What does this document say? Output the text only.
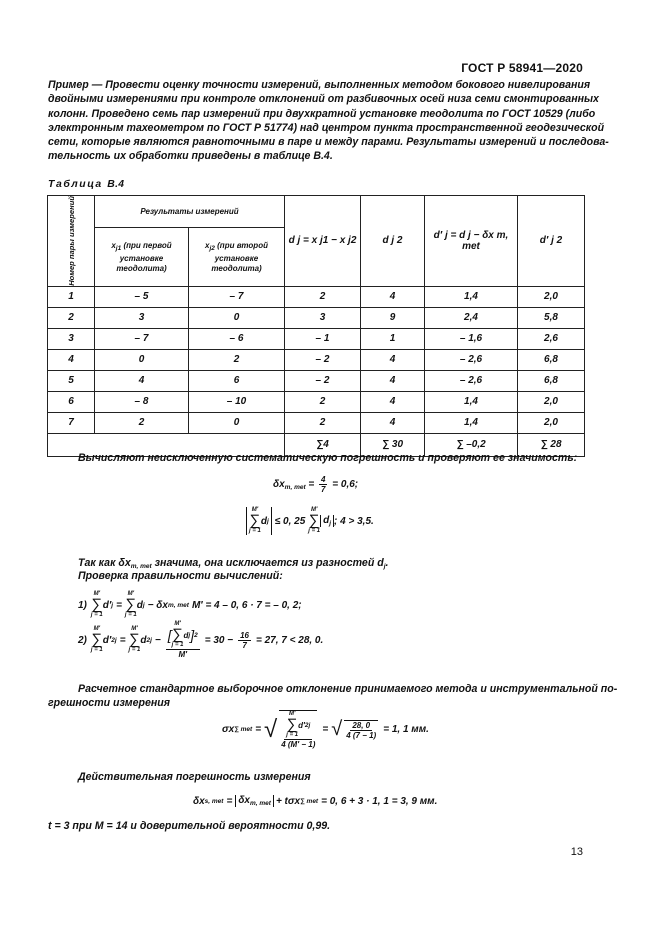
ГОСТ Р 58941—2020
Пример — Провести оценку точности измерений, выполненных методом бокового нивелирования
двойными измерениями при контроле отклонений от разбивочных осей низа семи смонтированных
колонн. Проведено семь пар измерений при двухкратной установке теодолита по ГОСТ 10529 (либо
электронным тахеометром по ГОСТ Р 51774) над центром пункта пространственной геодезической
сети, которые являются равноточными в паре и между парами. Результаты измерений и последова-
тельность их обработки приведены в таблице В.4.
Таблица В.4
Номер пары измерений	Результаты измерений		d j = x j1 − x j2	d j 2	d′ j = d j − δx m, met	d′ j 2
	$x_{j1}$ (при первой установке теодолита)	$x_{j2}$ (при второй установке теодолита)				
1	– 5	– 7	2	4	1,4	2,0
2	3	0	3	9	2,4	5,8
3	– 7	– 6	– 1	1	– 1,6	2,6
4	0	2	– 2	4	– 2,6	6,8
5	4	6	– 2	4	– 2,6	6,8
6	– 8	– 10	2	4	1,4	2,0
7	2	0	2	4	1,4	2,0
			∑4	∑ 30	∑ –0,2	∑ 28
Вычисляют неисключенную систематическую погрешность и проверяют ее значимость:
$\delta x_{m, met} = \frac{4}{7} = 0,6$;
M′
∑
j = 1
d j ≤ 0, 25
M′
∑
j = 1
$d_j$ ; 4 > 3,5.
Так как $\delta x_{m, met}$ значима, она исключается из разностей $d_j$.
Проверка правильности вычислений:
1)
M′
∑
j = 1
d′ j =
M′
∑
j = 1
d j − δx m, met M′ = 4 – 0, 6 · 7 = – 0, 2;
2)
M′
∑
j = 1
d′ 2 j =
M′
∑
j = 1
d 2 j − [
M′
∑
j = 1
d j ] 2
$M' = 30 - \frac{16}{7} = 27$, 7 < 28, 0.
Расчетное стандартное выборочное отклонение принимаемого метода и инструментальной по-
грешности измерения
σx ∑ met = √ M′
∑
j = 1
d′ 2 j
4 (M′ − 1) = √ $\frac{28, 0}{4 (7 - 1)} = 1$, 1 мм.
Действительная погрешность измерения
δx s, met = $\delta x_{m, met} + t\sigma x$ ∑ met = 0, 6 + 3 · 1, 1 = 3, 9 мм.
t = 3 при M = 14 и доверительной вероятности 0,99.
13
